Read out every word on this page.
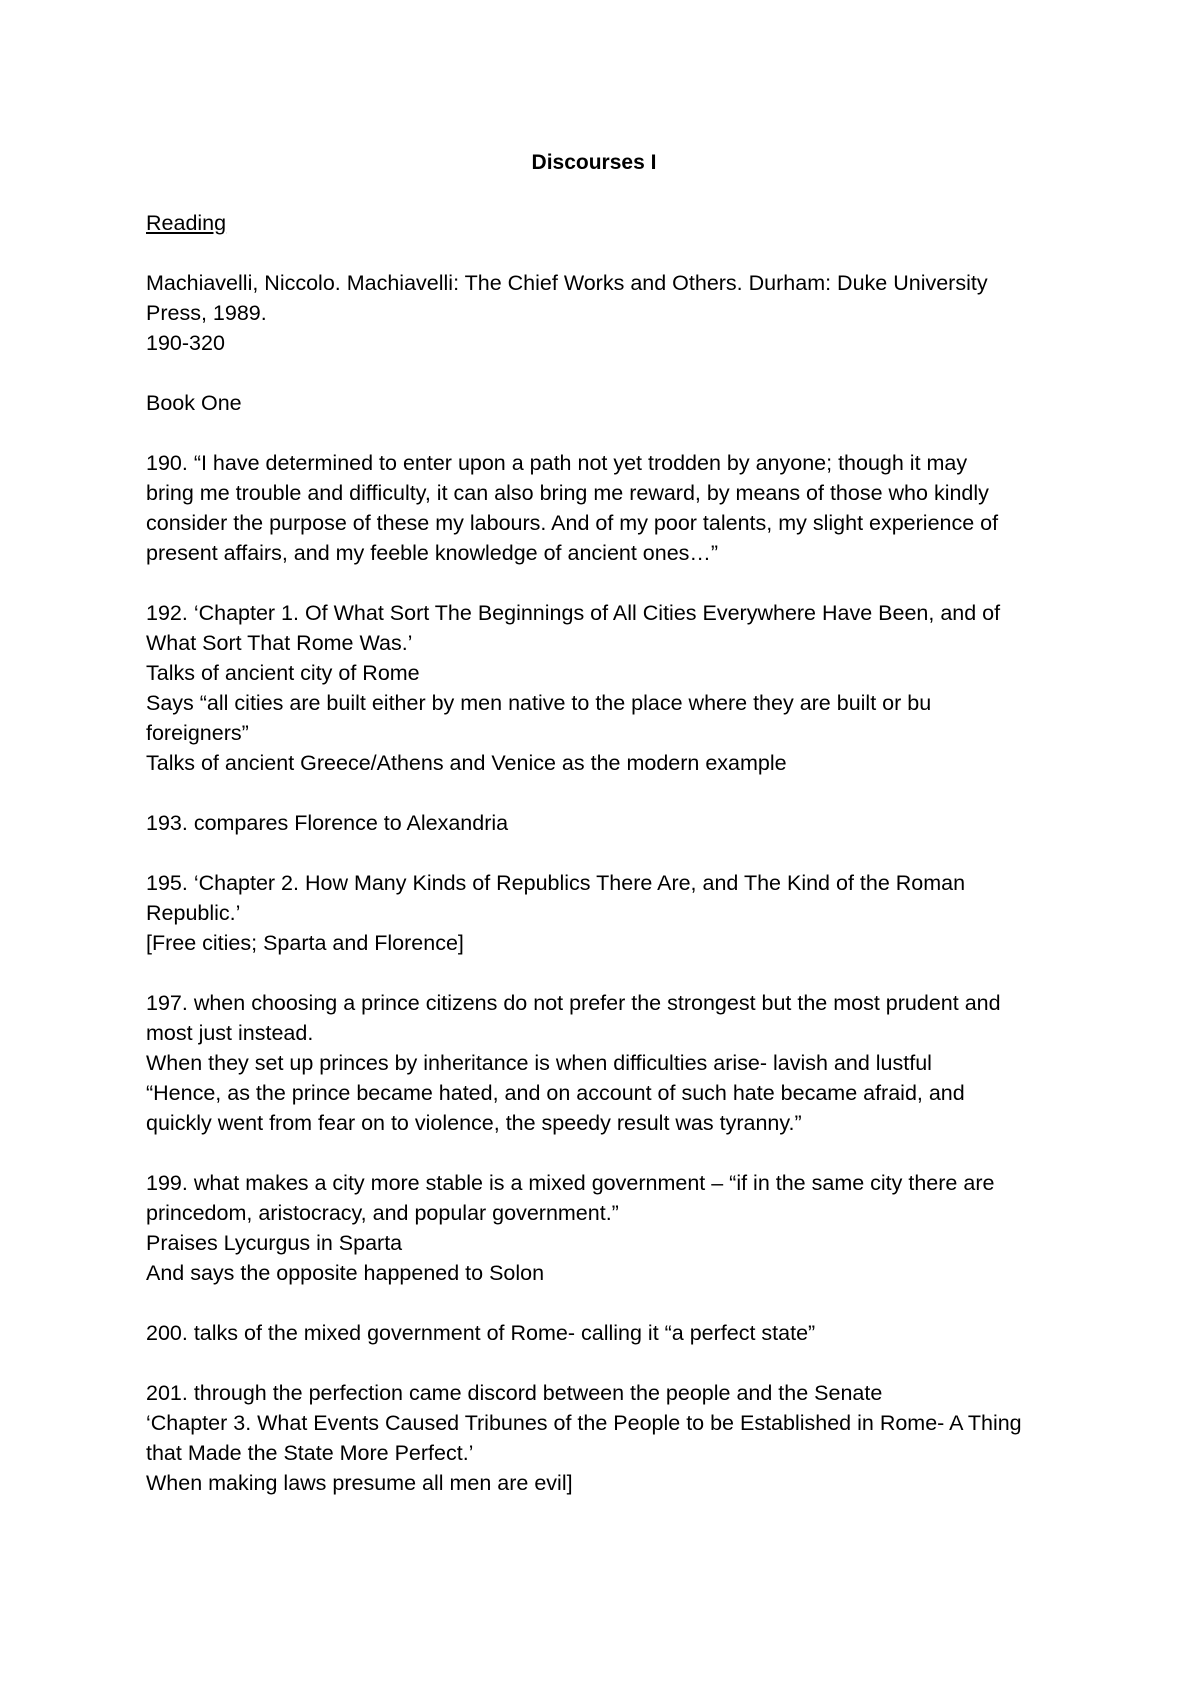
Discourses I
Reading
Machiavelli, Niccolo. Machiavelli: The Chief Works and Others. Durham: Duke University
Press, 1989.
190-320
Book One
190. “I have determined to enter upon a path not yet trodden by anyone; though it may
bring me trouble and difficulty, it can also bring me reward, by means of those who kindly
consider the purpose of these my labours. And of my poor talents, my slight experience of
present affairs, and my feeble knowledge of ancient ones…”
192. ‘Chapter 1. Of What Sort The Beginnings of All Cities Everywhere Have Been, and of
What Sort That Rome Was.’
Talks of ancient city of Rome
Says “all cities are built either by men native to the place where they are built or bu
foreigners”
Talks of ancient Greece/Athens and Venice as the modern example
193. compares Florence to Alexandria
195. ‘Chapter 2. How Many Kinds of Republics There Are, and The Kind of the Roman
Republic.’
[Free cities; Sparta and Florence]
197. when choosing a prince citizens do not prefer the strongest but the most prudent and
most just instead.
When they set up princes by inheritance is when difficulties arise- lavish and lustful
“Hence, as the prince became hated, and on account of such hate became afraid, and
quickly went from fear on to violence, the speedy result was tyranny.”
199. what makes a city more stable is a mixed government – “if in the same city there are
princedom, aristocracy, and popular government.”
Praises Lycurgus in Sparta
And says the opposite happened to Solon
200. talks of the mixed government of Rome- calling it “a perfect state”
201. through the perfection came discord between the people and the Senate
‘Chapter 3. What Events Caused Tribunes of the People to be Established in Rome- A Thing
that Made the State More Perfect.’
When making laws presume all men are evil]
